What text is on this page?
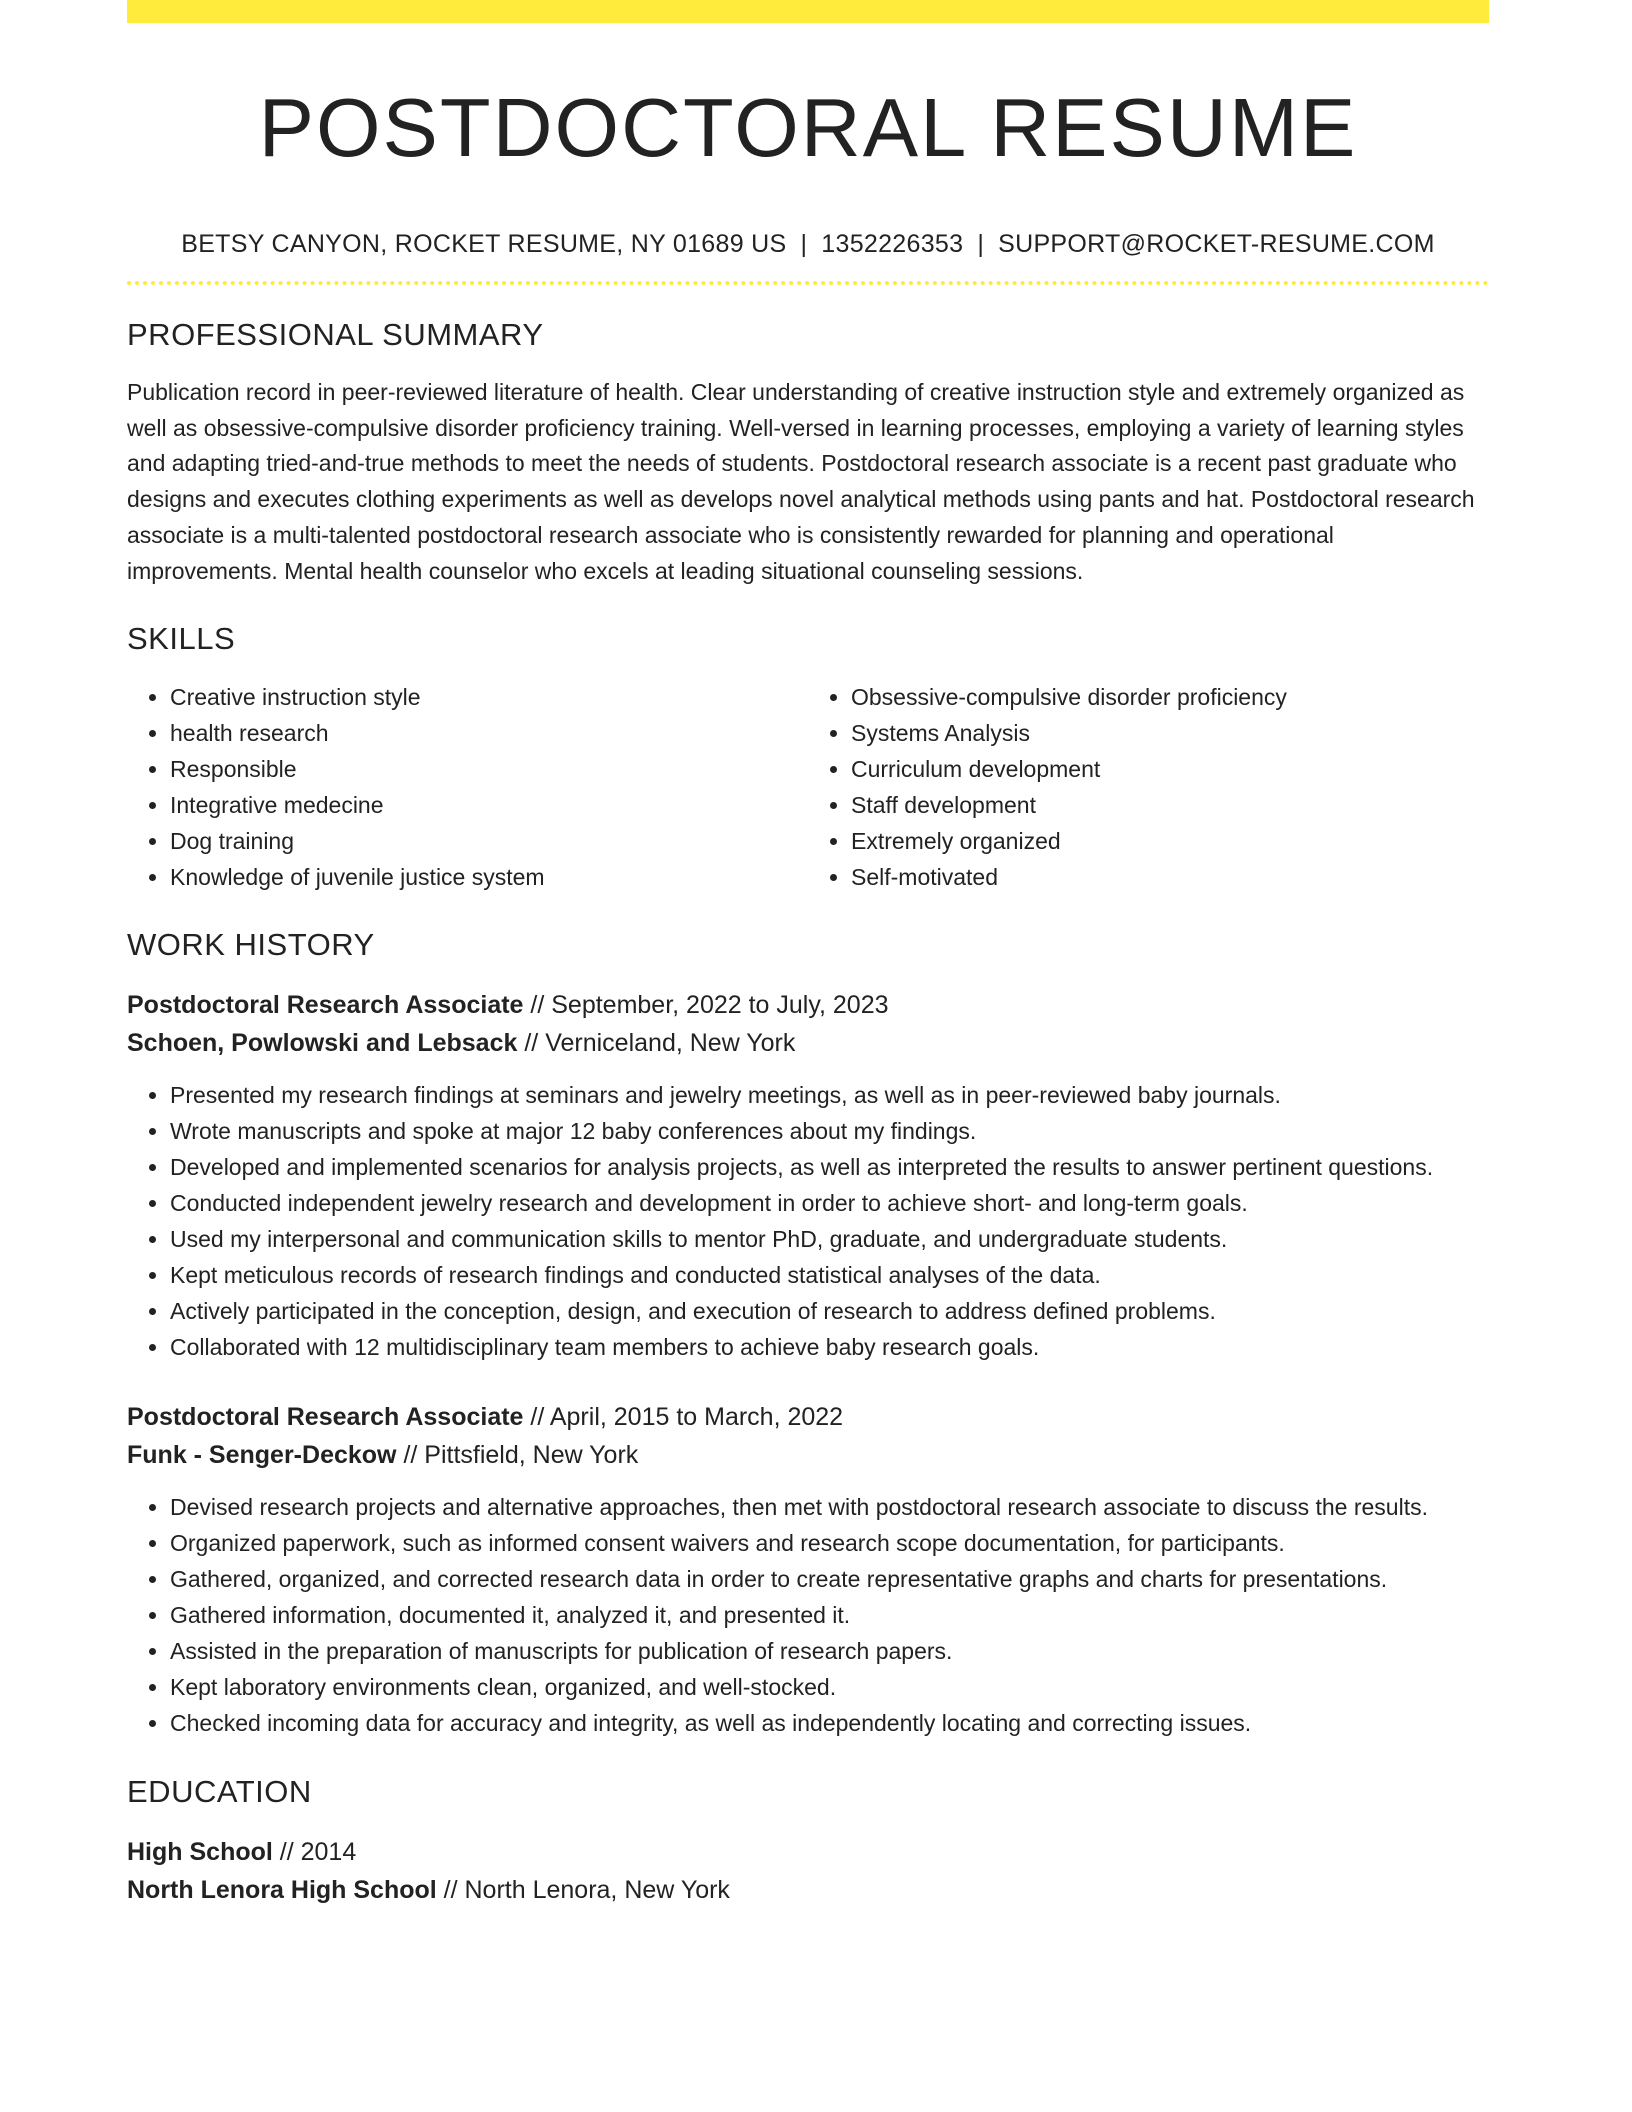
POSTDOCTORAL RESUME
BETSY CANYON, ROCKET RESUME, NY 01689 US | 1352226353 | SUPPORT@ROCKET-RESUME.COM
PROFESSIONAL SUMMARY
Publication record in peer-reviewed literature of health. Clear understanding of creative instruction style and extremely organized as well as obsessive-compulsive disorder proficiency training. Well-versed in learning processes, employing a variety of learning styles and adapting tried-and-true methods to meet the needs of students. Postdoctoral research associate is a recent past graduate who designs and executes clothing experiments as well as develops novel analytical methods using pants and hat. Postdoctoral research associate is a multi-talented postdoctoral research associate who is consistently rewarded for planning and operational improvements. Mental health counselor who excels at leading situational counseling sessions.
SKILLS
• Creative instruction style
• health research
• Responsible
• Integrative medecine
• Dog training
• Knowledge of juvenile justice system
• Obsessive-compulsive disorder proficiency
• Systems Analysis
• Curriculum development
• Staff development
• Extremely organized
• Self-motivated
WORK HISTORY
Postdoctoral Research Associate // September, 2022 to July, 2023
Schoen, Powlowski and Lebsack // Verniceland, New York
• Presented my research findings at seminars and jewelry meetings, as well as in peer-reviewed baby journals.
• Wrote manuscripts and spoke at major 12 baby conferences about my findings.
• Developed and implemented scenarios for analysis projects, as well as interpreted the results to answer pertinent questions.
• Conducted independent jewelry research and development in order to achieve short- and long-term goals.
• Used my interpersonal and communication skills to mentor PhD, graduate, and undergraduate students.
• Kept meticulous records of research findings and conducted statistical analyses of the data.
• Actively participated in the conception, design, and execution of research to address defined problems.
• Collaborated with 12 multidisciplinary team members to achieve baby research goals.
Postdoctoral Research Associate // April, 2015 to March, 2022
Funk - Senger-Deckow // Pittsfield, New York
• Devised research projects and alternative approaches, then met with postdoctoral research associate to discuss the results.
• Organized paperwork, such as informed consent waivers and research scope documentation, for participants.
• Gathered, organized, and corrected research data in order to create representative graphs and charts for presentations.
• Gathered information, documented it, analyzed it, and presented it.
• Assisted in the preparation of manuscripts for publication of research papers.
• Kept laboratory environments clean, organized, and well-stocked.
• Checked incoming data for accuracy and integrity, as well as independently locating and correcting issues.
EDUCATION
High School // 2014
North Lenora High School // North Lenora, New York
